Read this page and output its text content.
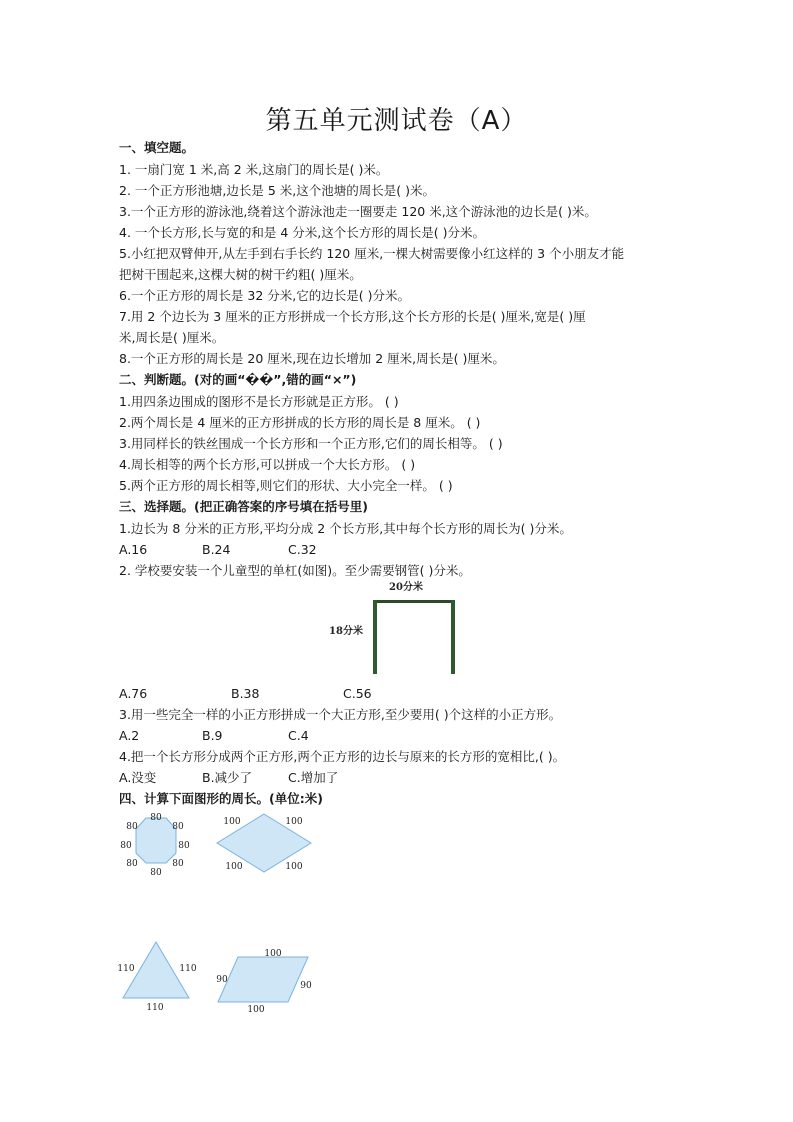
第五单元测试卷（A）
一、填空题。
1. 一扇门宽 1 米,高 2 米,这扇门的周长是( )米。
2. 一个正方形池塘,边长是 5 米,这个池塘的周长是( )米。
3.一个正方形的游泳池,绕着这个游泳池走一圈要走 120 米,这个游泳池的边长是( )米。
4. 一个长方形,长与宽的和是 4 分米,这个长方形的周长是( )分米。
5.小红把双臂伸开,从左手到右手长约 120 厘米,一棵大树需要像小红这样的 3 个小朋友才能
把树干围起来,这棵大树的树干约粗( )厘米。
6.一个正方形的周长是 32 分米,它的边长是( )分米。
7.用 2 个边长为 3 厘米的正方形拼成一个长方形,这个长方形的长是( )厘米,宽是( )厘
米,周长是( )厘米。
8.一个正方形的周长是 20 厘米,现在边长增加 2 厘米,周长是( )厘米。
二、判断题。(对的画“��”,错的画“×”)
1.用四条边围成的图形不是长方形就是正方形。 ( )
2.两个周长是 4 厘米的正方形拼成的长方形的周长是 8 厘米。 ( )
3.用同样长的铁丝围成一个长方形和一个正方形,它们的周长相等。 ( )
4.周长相等的两个长方形,可以拼成一个大长方形。 ( )
5.两个正方形的周长相等,则它们的形状、大小完全一样。 ( )
三、选择题。(把正确答案的序号填在括号里)
1.边长为 8 分米的正方形,平均分成 2 个长方形,其中每个长方形的周长为( )分米。
A.16	B.24	C.32
2. 学校要安装一个儿童型的单杠(如图)。至少需要钢管( )分米。
20分米
18分米
A.76	B.38	C.56
3.用一些完全一样的小正方形拼成一个大正方形,至少要用( )个这样的小正方形。
A.2	B.9	C.4
4.把一个长方形分成两个正方形,两个正方形的边长与原来的长方形的宽相比,( )。
A.没变	B.减少了	C.增加了
四、计算下面图形的周长。(单位:米)
80
80	80
80	80
80	80
80
100	100
100	100
110	110
110
100
90
90
100
